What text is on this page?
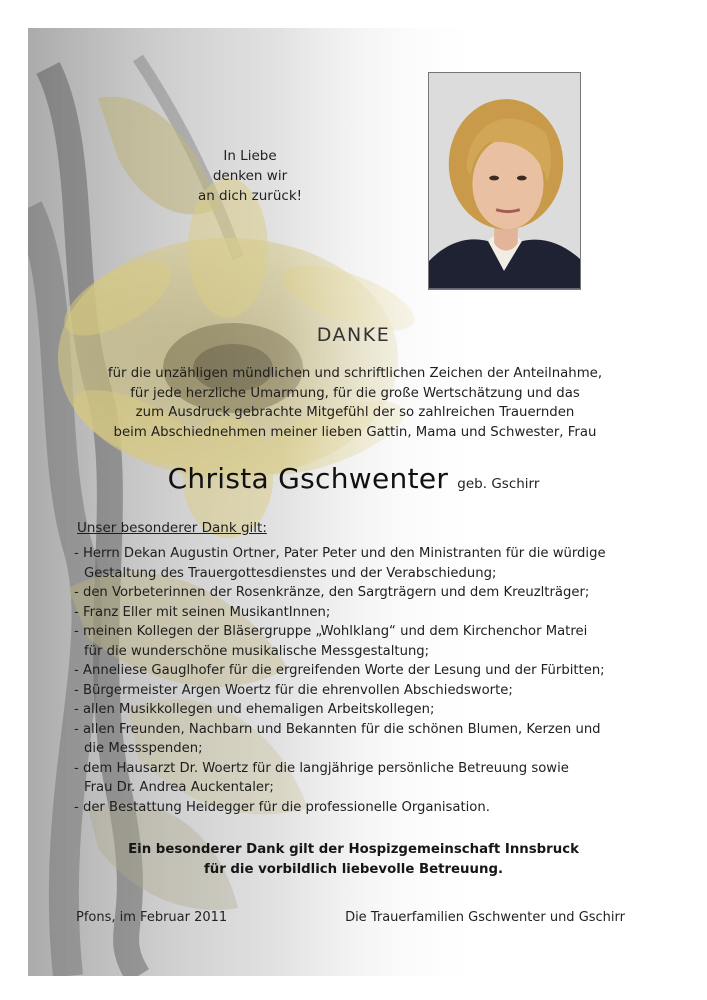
In Liebe
denken wir
an dich zurück!
DANKE
für die unzähligen mündlichen und schriftlichen Zeichen der Anteilnahme,
für jede herzliche Umarmung, für die große Wertschätzung und das
zum Ausdruck gebrachte Mitgefühl der so zahlreichen Trauernden
beim Abschiednehmen meiner lieben Gattin, Mama und Schwester, Frau
Christa Gschwenter geb. Gschirr
Unser besonderer Dank gilt:
- Herrn Dekan Augustin Ortner, Pater Peter und den Ministranten für die würdige
Gestaltung des Trauergottesdienstes und der Verabschiedung;
- den Vorbeterinnen der Rosenkränze, den Sargträgern und dem Kreuzlträger;
- Franz Eller mit seinen MusikantInnen;
- meinen Kollegen der Bläsergruppe „Wohlklang“ und dem Kirchenchor Matrei
für die wunderschöne musikalische Messgestaltung;
- Anneliese Gauglhofer für die ergreifenden Worte der Lesung und der Fürbitten;
- Bürgermeister Argen Woertz für die ehrenvollen Abschiedsworte;
- allen Musikkollegen und ehemaligen Arbeitskollegen;
- allen Freunden, Nachbarn und Bekannten für die schönen Blumen, Kerzen und
die Messspenden;
- dem Hausarzt Dr. Woertz für die langjährige persönliche Betreuung sowie
Frau Dr. Andrea Auckentaler;
- der Bestattung Heidegger für die professionelle Organisation.
Ein besonderer Dank gilt der Hospizgemeinschaft Innsbruck
für die vorbildlich liebevolle Betreuung.
Pfons, im Februar 2011	Die Trauerfamilien Gschwenter und Gschirr
